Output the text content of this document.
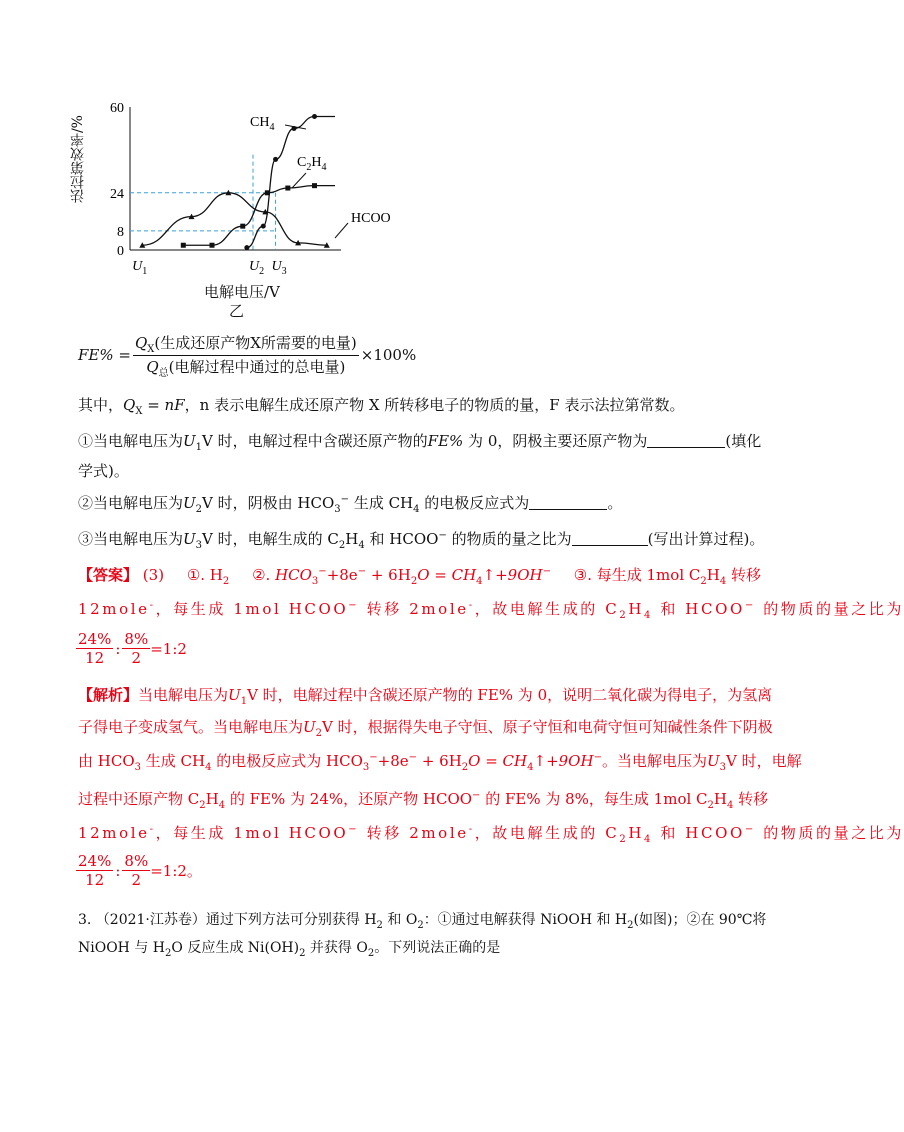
60
24
8
0
$U_1$	$U_2$ $U_3$
$CH_4$
$C_2H_4$
HCOO
法拉第效率/%
电解电压/V
乙
$FE\% = \frac{Q_X(生成还原产物X所需要的电量)}{Q_总(电解过程中通过的总电量)} \times 100\%$
其中，$Q_X$ = nF，n 表示电解生成还原产物 X 所转移电子的物质的量，F 表示法拉第常数。
①当电解电压为$U_1V$ 时，电解过程中含碳还原产物的FE% 为 0，阴极主要还原产物为	(填化
学式)。
②当电解电压为$U_2V$ 时，阴极由 $HCO_3^-$ 生成 $CH_4$ 的电极反应式为	。
③当电解电压为$U_3V$ 时，电解生成的 $C_2H_4$ 和 HCOO− 的物质的量之比为	(写出计算过程)。
【答案】 (3) ①. $H_2$ ②. $HCO_3^-+8e^- + 6H_2O$ = $CH_4↑+9OH^-$ ③. 每生成 1mol $C_2H_4$ 转移
12mole-，每生成 1mol HCOO− 转移 2mole-，故电解生成的 $C_2H_4$ 和 HCOO− 的物质的量之比为
$\frac{24\%}{12}$ : $\frac{8\%}{2}$ =1:2
【解析】当电解电压为$U_1V$ 时，电解过程中含碳还原产物的 FE% 为 0，说明二氧化碳为得电子，为氢离
子得电子变成氢气。当电解电压为$U_2V$ 时，根据得失电子守恒、原子守恒和电荷守恒可知碱性条件下阴极
由 $HCO_3$ 生成 $CH_4$ 的电极反应式为 $HCO_3^-+8e^- + 6H_2O$ = $CH_4↑+9OH^-$。当电解电压为$U_3V$ 时，电解
过程中还原产物 $C_2H_4$ 的 FE% 为 24%，还原产物 HCOO− 的 FE% 为 8%，每生成 1mol $C_2H_4$ 转移
12mole-，每生成 1mol HCOO− 转移 2mole-，故电解生成的 $C_2H_4$ 和 HCOO− 的物质的量之比为
$\frac{24\%}{12}$ : $\frac{8\%}{2}$ =1:2 。
3. （2021·江苏卷）通过下列方法可分别获得 $H_2$ 和 $O_2$：①通过电解获得 NiOOH 和 $H_2$(如图)；②在 90℃将
NiOOH 与 $H_2O$ 反应生成 $Ni(OH)_2$ 并获得 $O_2$。下列说法正确的是
